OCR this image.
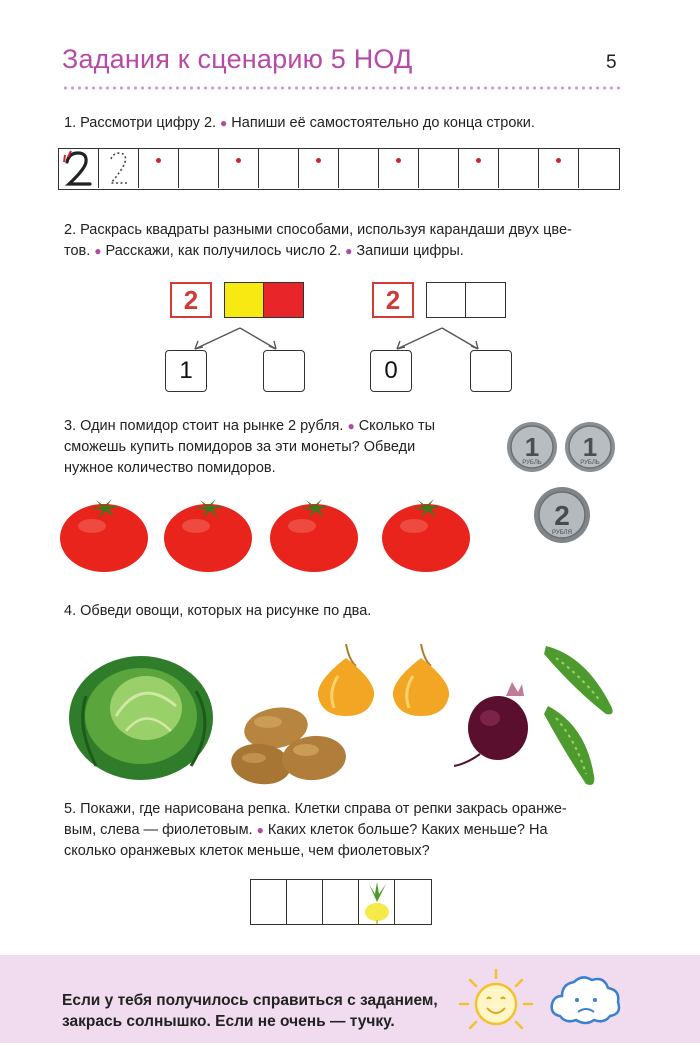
Задания к сценарию 5 НОД	5
1. Рассмотри цифру 2. ● Напиши её самостоятельно до конца строки.
2. Раскрась квадраты разными способами, используя карандаши двух цве-
тов. ● Расскажи, как получилось число 2. ● Запиши цифры.
2
1
2
0
3. Один помидор стоит на рынке 2 рубля. ● Сколько ты
сможешь купить помидоров за эти монеты? Обведи
нужное количество помидоров.
1
РУБЛЬ
1
РУБЛЬ
2
РУБЛЯ
4. Обведи овощи, которых на рисунке по два.
5. Покажи, где нарисована репка. Клетки справа от репки закрась оранже-
вым, слева — фиолетовым. ● Каких клеток больше? Каких меньше? На
сколько оранжевых клеток меньше, чем фиолетовых?
Если у тебя получилось справиться с заданием,
закрась солнышко. Если не очень — тучку.
